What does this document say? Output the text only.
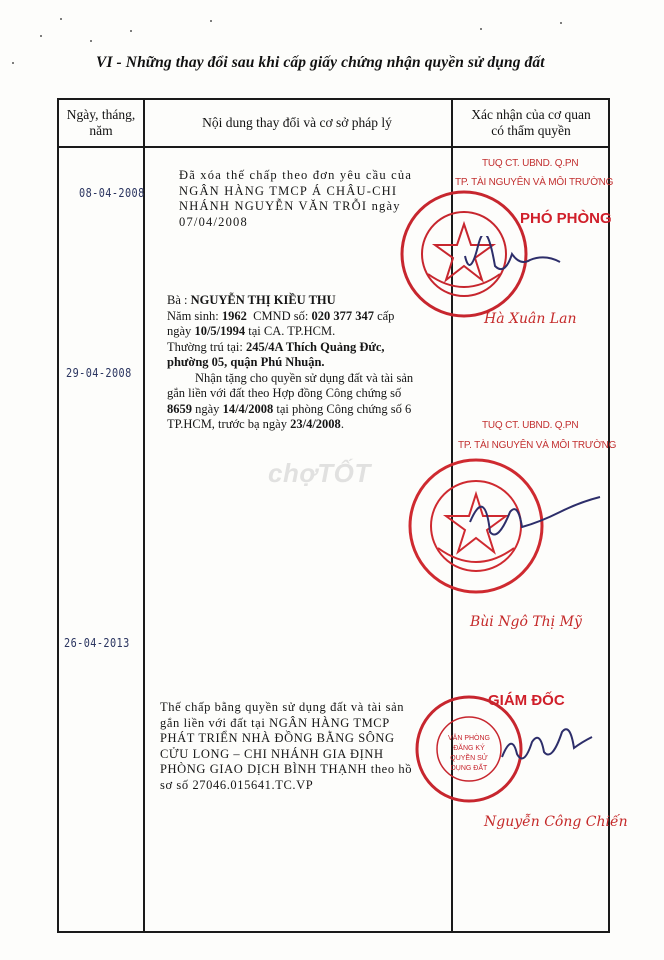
VI - Những thay đổi sau khi cấp giấy chứng nhận quyền sử dụng đất
Ngày, tháng,
năm
Nội dung thay đổi và cơ sở pháp lý
Xác nhận của cơ quan
có thẩm quyền
08-04-2008
29-04-2008
26-04-2013
Đã xóa thế chấp theo đơn yêu cầu của
NGÂN HÀNG TMCP Á CHÂU-CHI
NHÁNH NGUYỄN VĂN TRỖI ngày
07/04/2008
Bà : NGUYỄN THỊ KIỀU THU
Năm sinh: 1962 CMND số: 020 377 347 cấp
ngày 10/5/1994 tại CA. TP.HCM.
Thường trú tại: 245/4A Thích Quảng Đức,
phường 05, quận Phú Nhuận.
Nhận tặng cho quyền sử dụng đất và tài sản
gắn liền với đất theo Hợp đồng Công chứng số
8659 ngày 14/4/2008 tại phòng Công chứng số 6
TP.HCM, trước bạ ngày 23/4/2008.
Thế chấp bằng quyền sử dụng đất và tài sản
gắn liền với đất tại NGÂN HÀNG TMCP
PHÁT TRIỂN NHÀ ĐỒNG BẰNG SÔNG
CỬU LONG – CHI NHÁNH GIA ĐỊNH
PHÒNG GIAO DỊCH BÌNH THẠNH theo hồ
sơ số 27046.015641.TC.VP
TUQ CT. UBND. Q.PN
TP. TÀI NGUYÊN VÀ MÔI TRƯỜNG
PHÓ PHÒNG
Hà Xuân Lan
TUQ CT. UBND. Q.PN
TP. TÀI NGUYÊN VÀ MÔI TRƯỜNG
Bùi Ngô Thị Mỹ
GIÁM ĐỐC
VĂN PHÒNG
ĐĂNG KÝ
QUYỀN SỬ
DỤNG ĐẤT
Nguyễn Công Chiến
chợTỐT
